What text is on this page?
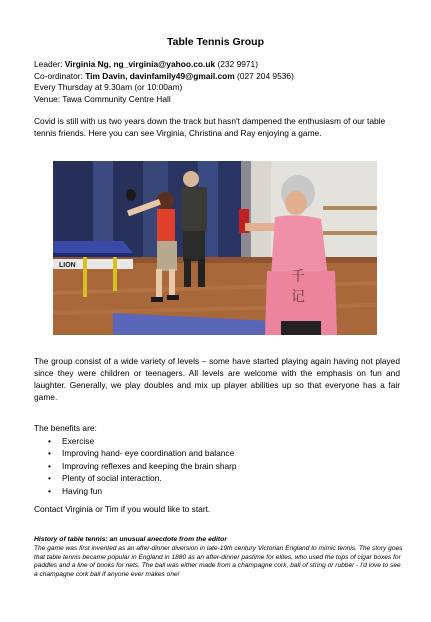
Table Tennis Group
Leader: Virginia Ng, ng_virginia@yahoo.co.uk (232 9971)
Co-ordinator: Tim Davin, davinfamily49@gmail.com (027 204 9536)
Every Thursday at 9.30am (or 10:00am)
Venue: Tawa Community Centre Hall
Covid is still with us two years down the track but hasn't dampened the enthusiasm of our table tennis friends. Here you can see Virginia, Christina and Ray enjoying a game.
LION
千
记
The group consist of a wide variety of levels – some have started playing again having not played since they were children or teenagers. All levels are welcome with the emphasis on fun and laughter. Generally, we play doubles and mix up player abilities up so that everyone has a fair game.
The benefits are:
• Exercise
• Improving hand- eye coordination and balance
• Improving reflexes and keeping the brain sharp
• Plenty of social interaction.
• Having fun
Contact Virginia or Tim if you would like to start.
History of table tennis: an unusual anecdote from the editor
The game was first invented as an after-dinner diversion in late-19th century Victorian England to mimic tennis. The story goes that table tennis became popular in England in 1880 as an after-dinner pastime for elites, who used the tops of cigar boxes for paddles and a line of books for nets. The ball was either made from a champagne cork, ball of string or rubber - I'd love to see a champagne cork ball if anyone ever makes one!
